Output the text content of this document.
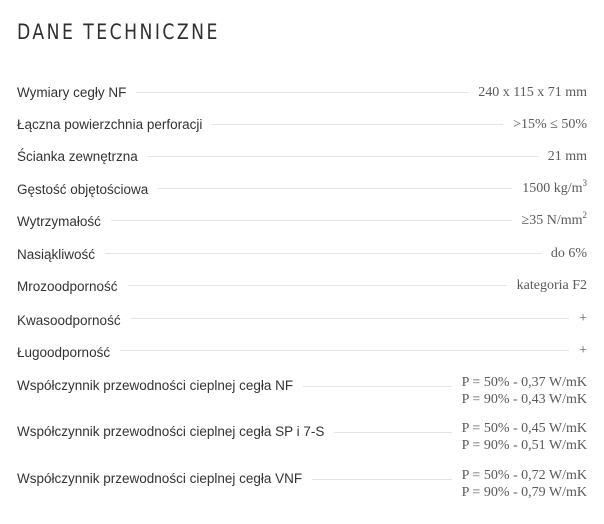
DANE TECHNICZNE
Wymiary cegły NF	240 x 115 x 71 mm
Łączna powierzchnia perforacji	>15% ≤ 50%
Ścianka zewnętrzna	21 mm
Gęstość objętościowa	1500 $kg/m^3$
Wytrzymałość	≥35 $N/mm^2$
Nasiąkliwość	do 6%
Mrozoodporność	kategoria F2
Kwasoodporność	+
Ługoodporność	+
Współczynnik przewodności cieplnej cegła NF	P = 50% - 0,37 W/mK
P = 90% - 0,43 W/mK
Współczynnik przewodności cieplnej cegła SP i 7-S	P = 50% - 0,45 W/mK
P = 90% - 0,51 W/mK
Współczynnik przewodności cieplnej cegła VNF	P = 50% - 0,72 W/mK
P = 90% - 0,79 W/mK
